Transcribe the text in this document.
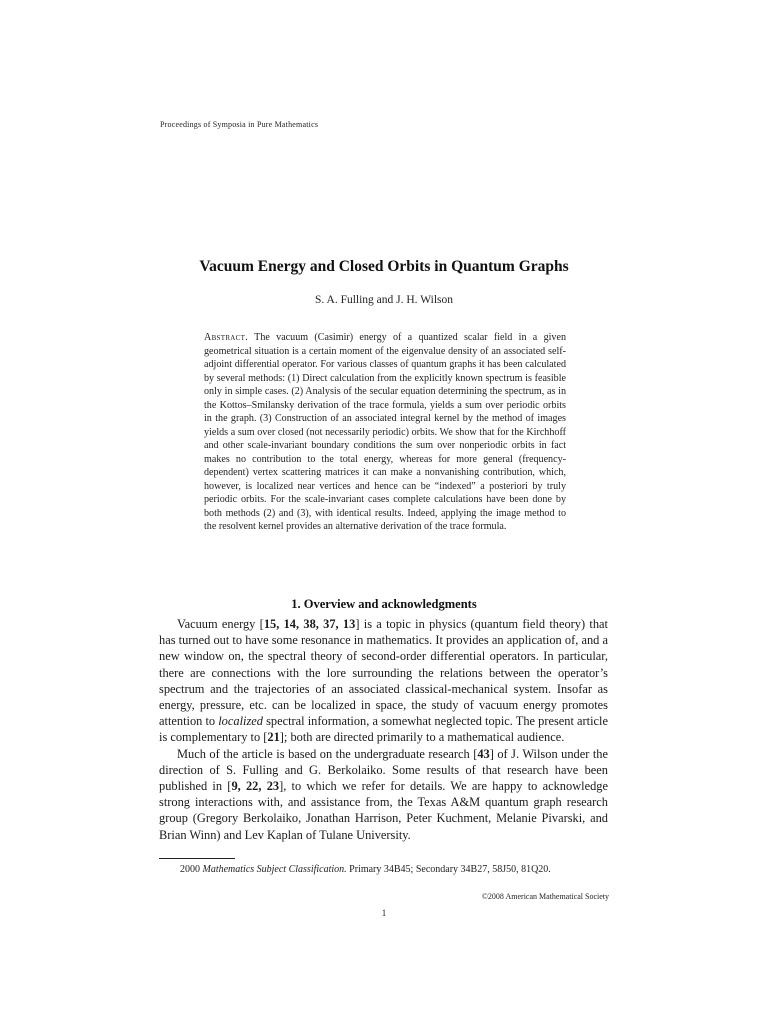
Proceedings of Symposia in Pure Mathematics
Vacuum Energy and Closed Orbits in Quantum Graphs
S. A. Fulling and J. H. Wilson
Abstract. The vacuum (Casimir) energy of a quantized scalar field in a given geometrical situation is a certain moment of the eigenvalue density of an associated self-adjoint differential operator. For various classes of quantum graphs it has been calculated by several methods: (1) Direct calculation from the explicitly known spectrum is feasible only in simple cases. (2) Analysis of the secular equation determining the spectrum, as in the Kottos–Smilansky derivation of the trace formula, yields a sum over periodic orbits in the graph. (3) Construction of an associated integral kernel by the method of images yields a sum over closed (not necessarily periodic) orbits. We show that for the Kirchhoff and other scale-invariant boundary conditions the sum over nonperiodic orbits in fact makes no contribution to the total energy, whereas for more general (frequency-dependent) vertex scattering matrices it can make a nonvanishing contribution, which, however, is localized near vertices and hence can be “indexed” a posteriori by truly periodic orbits. For the scale-invariant cases complete calculations have been done by both methods (2) and (3), with identical results. Indeed, applying the image method to the resolvent kernel provides an alternative derivation of the trace formula.
1. Overview and acknowledgments

Vacuum energy [15, 14, 38, 37, 13] is a topic in physics (quantum field theory) that has turned out to have some resonance in mathematics. It provides an application of, and a new window on, the spectral theory of second-order differential operators. In particular, there are connections with the lore surrounding the relations between the operator’s spectrum and the trajectories of an associated classical-mechanical system. Insofar as energy, pressure, etc. can be localized in space, the study of vacuum energy promotes attention to localized spectral information, a somewhat neglected topic. The present article is complementary to [21]; both are directed primarily to a mathematical audience.

Much of the article is based on the undergraduate research [43] of J. Wilson under the direction of S. Fulling and G. Berkolaiko. Some results of that research have been published in [9, 22, 23], to which we refer for details. We are happy to acknowledge strong interactions with, and assistance from, the Texas A&M quantum graph research group (Gregory Berkolaiko, Jonathan Harrison, Peter Kuchment, Melanie Pivarski, and Brian Winn) and Lev Kaplan of Tulane University.

2000 Mathematics Subject Classification. Primary 34B45; Secondary 34B27, 58J50, 81Q20.
©2008 American Mathematical Society
1
